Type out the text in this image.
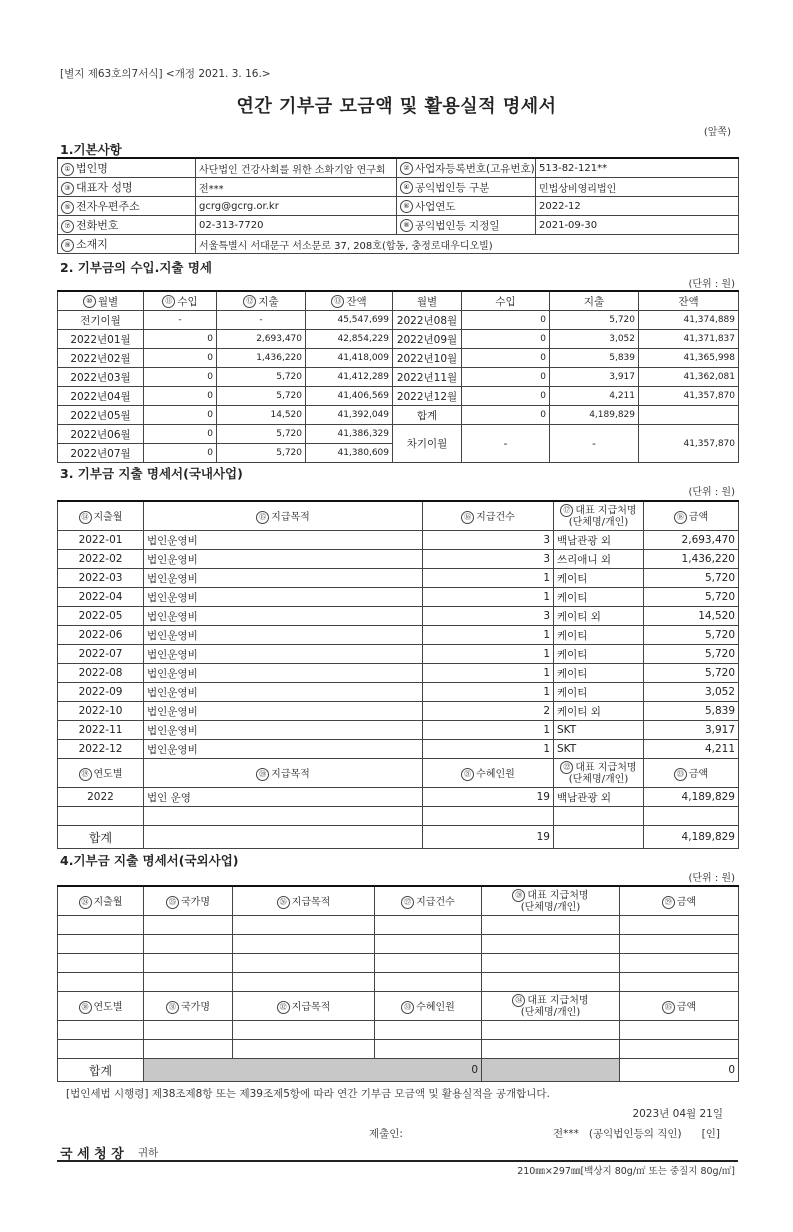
[별지 제63호의7서식] <개정 2021. 3. 16.>
연간 기부금 모금액 및 활용실적 명세서
(앞쪽)
1.기본사항
① 법인명	사단법인 건강사회를 위한 소화기암 연구회	② 사업자등록번호(고유번호)	513-82-121**
③ 대표자 성명	전***	④ 공익법인등 구분	민법상비영리법인
⑤ 전자우편주소	gcrg@gcrg.or.kr	⑥ 사업연도	2022-12
⑦ 전화번호	02-313-7720	⑧ 공익법인등 지정일	2021-09-30
⑨ 소재지	서울특별시 서대문구 서소문로 37, 208호(합동, 충정로대우디오빌)		
2. 기부금의 수입.지출 명세
(단위 : 원)
⑩ 월별	⑪ 수입	⑫ 지출	⑬ 잔액	월별	수입	지출	잔액
전기이월	-	-	45,547,699	2022년08월	0	5,720	41,374,889
2022년01월	0	2,693,470	42,854,229	2022년09월	0	3,052	41,371,837
2022년02월	0	1,436,220	41,418,009	2022년10월	0	5,839	41,365,998
2022년03월	0	5,720	41,412,289	2022년11월	0	3,917	41,362,081
2022년04월	0	5,720	41,406,569	2022년12월	0	4,211	41,357,870
2022년05월	0	14,520	41,392,049	합계	0	4,189,829	
2022년06월	0	5,720	41,386,329	차기이월	-	-	41,357,870
2022년07월	0	5,720	41,380,609				
3. 기부금 지출 명세서(국내사업)
(단위 : 원)
⑭ 지출월	⑮ 지급목적	⑯ 지급건수	⑰ 대표 지급처명
(단체명/개인)	⑱ 금액
2022-01	법인운영비	3	백남관광 외	2,693,470
2022-02	법인운영비	3	쓰리애니 외	1,436,220
2022-03	법인운영비	1	케이티	5,720
2022-04	법인운영비	1	케이티	5,720
2022-05	법인운영비	3	케이티 외	14,520
2022-06	법인운영비	1	케이티	5,720
2022-07	법인운영비	1	케이티	5,720
2022-08	법인운영비	1	케이티	5,720
2022-09	법인운영비	1	케이티	3,052
2022-10	법인운영비	2	케이티 외	5,839
2022-11	법인운영비	1	SKT	3,917
2022-12	법인운영비	1	SKT	4,211
⑲ 연도별	⑳ 지급목적	㉑ 수혜인원	㉒ 대표 지급처명
(단체명/개인)	㉓ 금액
2022	법인 운영	19	백남관광 외	4,189,829

합계		19		4,189,829
4.기부금 지출 명세서(국외사업)
(단위 : 원)
㉔ 지출월	㉕ 국가명	㉖ 지급목적	㉗ 지급건수	㉘ 대표 지급처명
(단체명/개인)	㉙ 금액

㉚ 연도별	㉛ 국가명	㉜ 지급목적	㉝ 수혜인원	㉞ 대표 지급처명
(단체명/개인)	㉟ 금액

합계	0				0
[법인세법 시행령] 제38조제8항 또는 제39조제5항에 따라 연간 기부금 모금액 및 활용실적을 공개합니다.
2023년 04월 21일
제출인:	전***   (공익법인등의 직인)      [인]
국 세 청 장 귀하
210㎜×297㎜[백상지 80g/㎡ 또는 중질지 80g/㎡]
